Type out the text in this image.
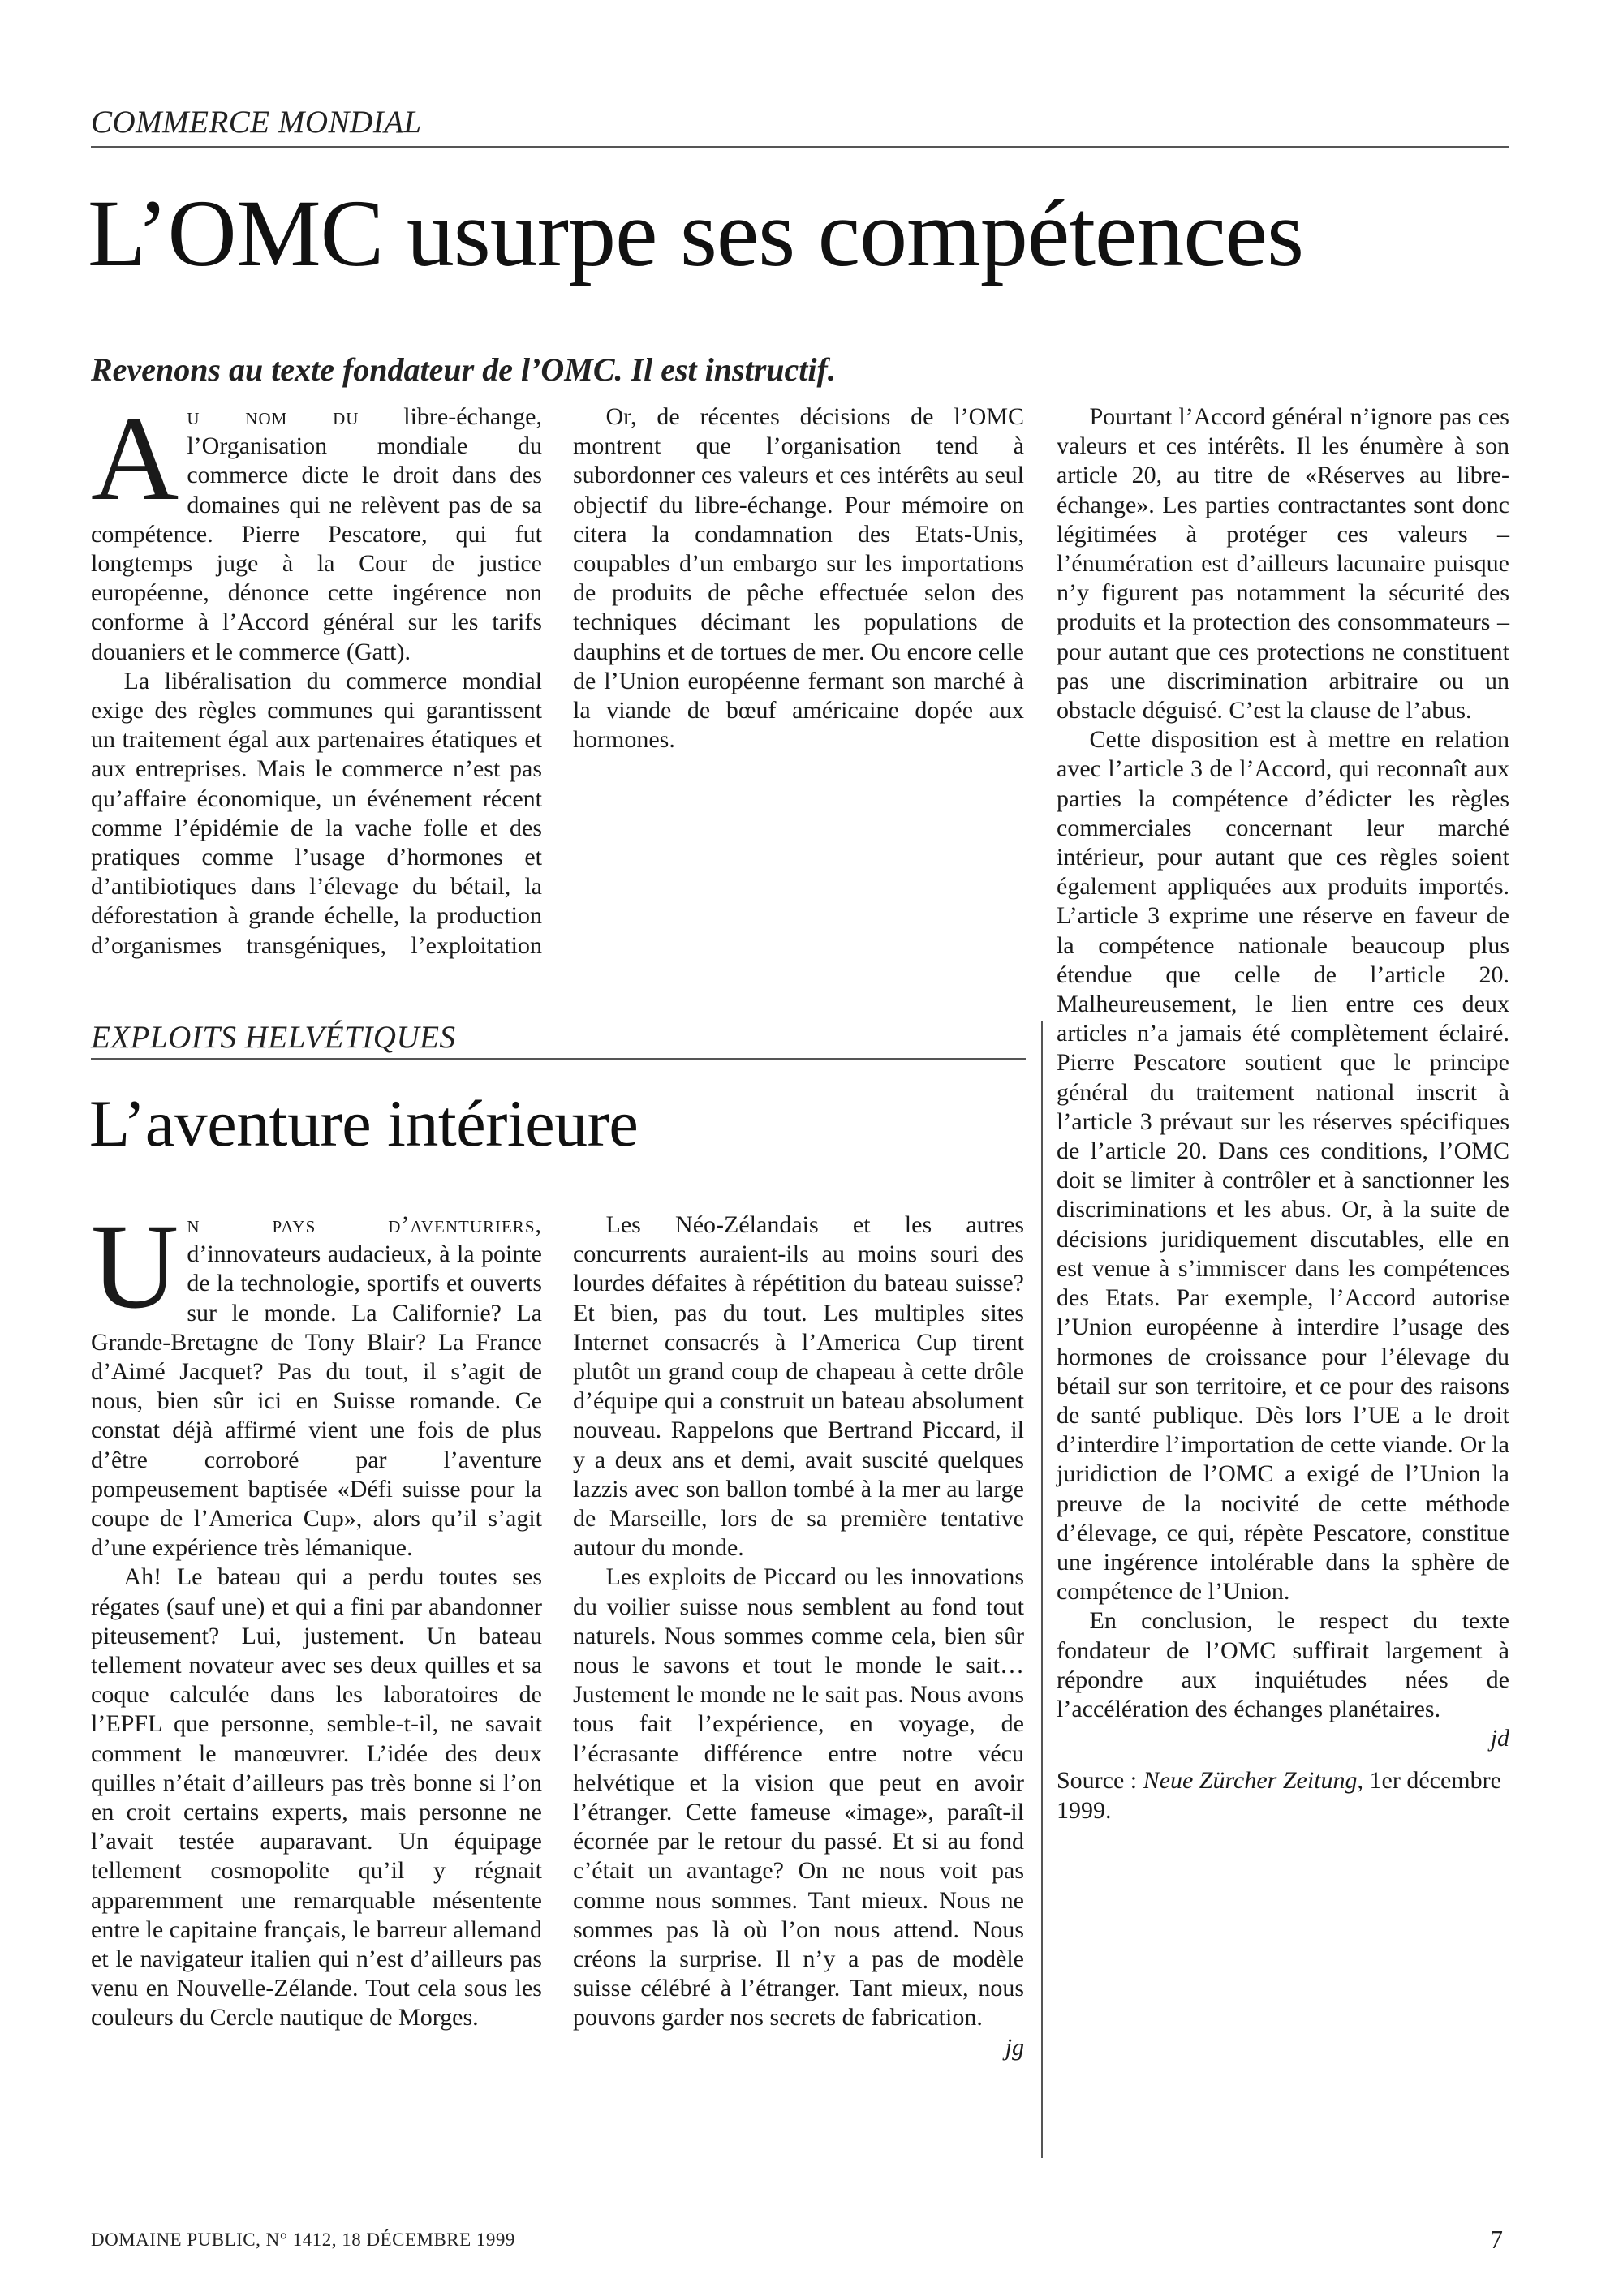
COMMERCE MONDIAL
L’OMC usurpe ses compétences
Revenons au texte fondateur de l’OMC. Il est instructif.

Au nom du libre-échange, l’Organisation mondiale du commerce dicte le droit dans des domaines qui ne relèvent pas de sa compétence. Pierre Pescatore, qui fut longtemps juge à la Cour de justice européenne, dénonce cette ingérence non conforme à l’Accord général sur les tarifs douaniers et le commerce (Gatt).

La libéralisation du commerce mondial exige des règles communes qui garantissent un traitement égal aux partenaires étatiques et aux entreprises. Mais le commerce n’est pas qu’affaire économique, un événement récent comme l’épidémie de la vache folle et des pratiques comme l’usage d’hormones et d’antibiotiques dans l’élevage du bétail, la déforestation à grande échelle, la production d’organismes transgéniques, l’exploitation

Or, de récentes décisions de l’OMC montrent que l’organisation tend à subordonner ces valeurs et ces intérêts au seul objectif du libre-échange. Pour mémoire on citera la condamnation des Etats-Unis, coupables d’un embargo sur les importations de produits de pêche effectuée selon des techniques décimant les populations de dauphins et de tortues de mer. Ou encore celle de l’Union européenne fermant son marché à la viande de bœuf américaine dopée aux hormones.

Pourtant l’Accord général n’ignore pas ces valeurs et ces intérêts. Il les énumère à son article 20, au titre de «Réserves au libre-échange». Les parties contractantes sont donc légitimées à protéger ces valeurs – l’énumération est d’ailleurs lacunaire puisque n’y figurent pas notamment la sécurité des produits et la protection des consommateurs – pour autant que ces protections ne constituent pas une discrimination arbitraire ou un obstacle déguisé. C’est la clause de l’abus.

Cette disposition est à mettre en relation avec l’article 3 de l’Accord, qui reconnaît aux parties la compétence d’édicter les règles commerciales concernant leur marché intérieur, pour autant que ces règles soient également appliquées aux produits importés. L’article 3 exprime une réserve en faveur de la compétence nationale beaucoup plus étendue que celle de l’article 20. Malheureusement, le lien entre ces deux articles n’a jamais été complètement éclairé. Pierre Pescatore soutient que le principe général du traitement national inscrit à l’article 3 prévaut sur les réserves spécifiques de l’article 20. Dans ces conditions, l’OMC doit se limiter à contrôler et à sanctionner les discriminations et les abus. Or, à la suite de décisions juridiquement discutables, elle en est venue à s’immiscer dans les compétences des Etats. Par exemple, l’Accord autorise l’Union européenne à interdire l’usage des hormones de croissance pour l’élevage du bétail sur son territoire, et ce pour des raisons de santé publique. Dès lors l’UE a le droit d’interdire l’importation de cette viande. Or la juridiction de l’OMC a exigé de l’Union la preuve de la nocivité de cette méthode d’élevage, ce qui, répète Pescatore, constitue une ingérence intolérable dans la sphère de compétence de l’Union.

En conclusion, le respect du texte fondateur de l’OMC suffirait largement à répondre aux inquiétudes nées de l’accélération des échanges planétaires.

jd
Source : Neue Zürcher Zeitung, 1er décembre 1999.
EXPLOITS HELVÉTIQUES
L’aventure intérieure

Un pays d’aventuriers, d’innovateurs audacieux, à la pointe de la technologie, sportifs et ouverts sur le monde. La Californie? La Grande-Bretagne de Tony Blair? La France d’Aimé Jacquet? Pas du tout, il s’agit de nous, bien sûr ici en Suisse romande. Ce constat déjà affirmé vient une fois de plus d’être corroboré par l’aventure pompeusement baptisée «Défi suisse pour la coupe de l’America Cup», alors qu’il s’agit d’une expérience très lémanique.

Ah! Le bateau qui a perdu toutes ses régates (sauf une) et qui a fini par abandonner piteusement? Lui, justement. Un bateau tellement novateur avec ses deux quilles et sa coque calculée dans les laboratoires de l’EPFL que personne, semble-t-il, ne savait comment le manœuvrer. L’idée des deux quilles n’était d’ailleurs pas très bonne si l’on en croit certains experts, mais personne ne l’avait testée auparavant. Un équipage tellement cosmopolite qu’il y régnait apparemment une remarquable mésentente entre le capitaine français, le barreur allemand et le navigateur italien qui n’est d’ailleurs pas venu en Nouvelle-Zélande. Tout cela sous les couleurs du Cercle nautique de Morges.

Les Néo-Zélandais et les autres concurrents auraient-ils au moins souri des lourdes défaites à répétition du bateau suisse? Et bien, pas du tout. Les multiples sites Internet consacrés à l’America Cup tirent plutôt un grand coup de chapeau à cette drôle d’équipe qui a construit un bateau absolument nouveau. Rappelons que Bertrand Piccard, il y a deux ans et demi, avait suscité quelques lazzis avec son ballon tombé à la mer au large de Marseille, lors de sa première tentative autour du monde.

Les exploits de Piccard ou les innovations du voilier suisse nous semblent au fond tout naturels. Nous sommes comme cela, bien sûr nous le savons et tout le monde le sait… Justement le monde ne le sait pas. Nous avons tous fait l’expérience, en voyage, de l’écrasante différence entre notre vécu helvétique et la vision que peut en avoir l’étranger. Cette fameuse «image», paraît-il écornée par le retour du passé. Et si au fond c’était un avantage? On ne nous voit pas comme nous sommes. Tant mieux. Nous ne sommes pas là où l’on nous attend. Nous créons la surprise. Il n’y a pas de modèle suisse célébré à l’étranger. Tant mieux, nous pouvons garder nos secrets de fabrication.

jg
DOMAINE PUBLIC, N° 1412, 18 DÉCEMBRE 1999	7
